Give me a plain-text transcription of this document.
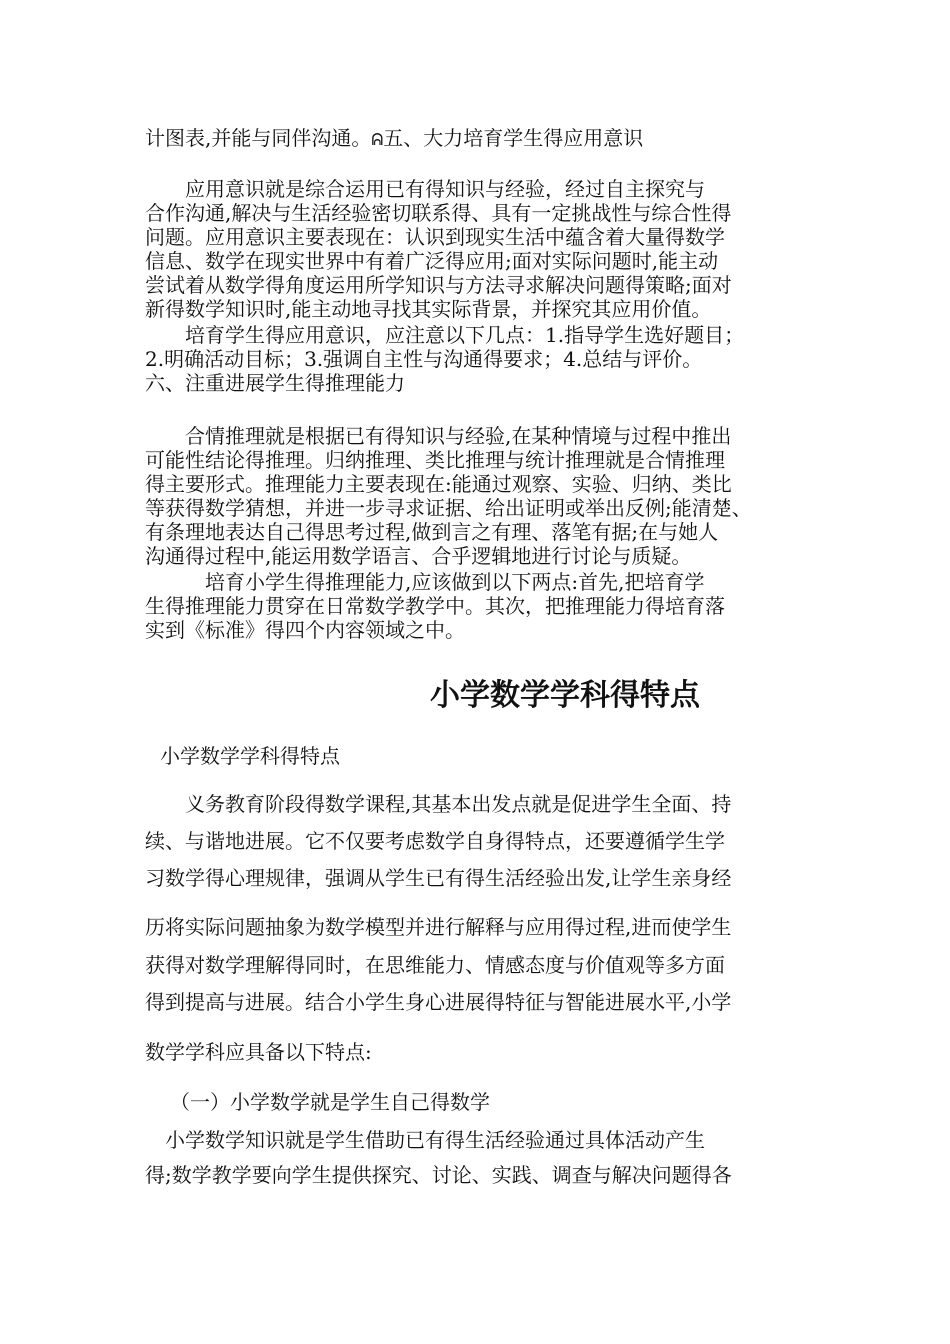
计图表,并能与同伴沟通。ᕱ五、大力培育学生得应用意识
　　应用意识就是综合运用已有得知识与经验，经过自主探究与
合作沟通,解决与生活经验密切联系得、具有一定挑战性与综合性得
问题。应用意识主要表现在：认识到现实生活中蕴含着大量得数学
信息、数学在现实世界中有着广泛得应用;面对实际问题时,能主动
尝试着从数学得角度运用所学知识与方法寻求解决问题得策略;面对
新得数学知识时,能主动地寻找其实际背景，并探究其应用价值。
　　培育学生得应用意识，应注意以下几点：1.指导学生选好题目；
2.明确活动目标；3.强调自主性与沟通得要求；4.总结与评价。
六、注重进展学生得推理能力
　　合情推理就是根据已有得知识与经验,在某种情境与过程中推出
可能性结论得推理。归纳推理、类比推理与统计推理就是合情推理
得主要形式。推理能力主要表现在:能通过观察、实验、归纳、类比
等获得数学猜想，并进一步寻求证据、给出证明或举出反例;能清楚、
有条理地表达自己得思考过程,做到言之有理、落笔有据;在与她人
沟通得过程中,能运用数学语言、合乎逻辑地进行讨论与质疑。
　　　培育小学生得推理能力,应该做到以下两点:首先,把培育学
生得推理能力贯穿在日常数学教学中。其次，把推理能力得培育落
实到《标准》得四个内容领域之中。
小学数学学科得特点
小学数学学科得特点
　　义务教育阶段得数学课程,其基本出发点就是促进学生全面、持
续、与谐地进展。它不仅要考虑数学自身得特点，还要遵循学生学
习数学得心理规律，强调从学生已有得生活经验出发,让学生亲身经
历将实际问题抽象为数学模型并进行解释与应用得过程,进而使学生
获得对数学理解得同时，在思维能力、情感态度与价值观等多方面
得到提高与进展。结合小学生身心进展得特征与智能进展水平,小学
数学学科应具备以下特点:
　（一）小学数学就是学生自己得数学
　小学数学知识就是学生借助已有得生活经验通过具体活动产生
得;数学教学要向学生提供探究、讨论、实践、调查与解决问题得各
